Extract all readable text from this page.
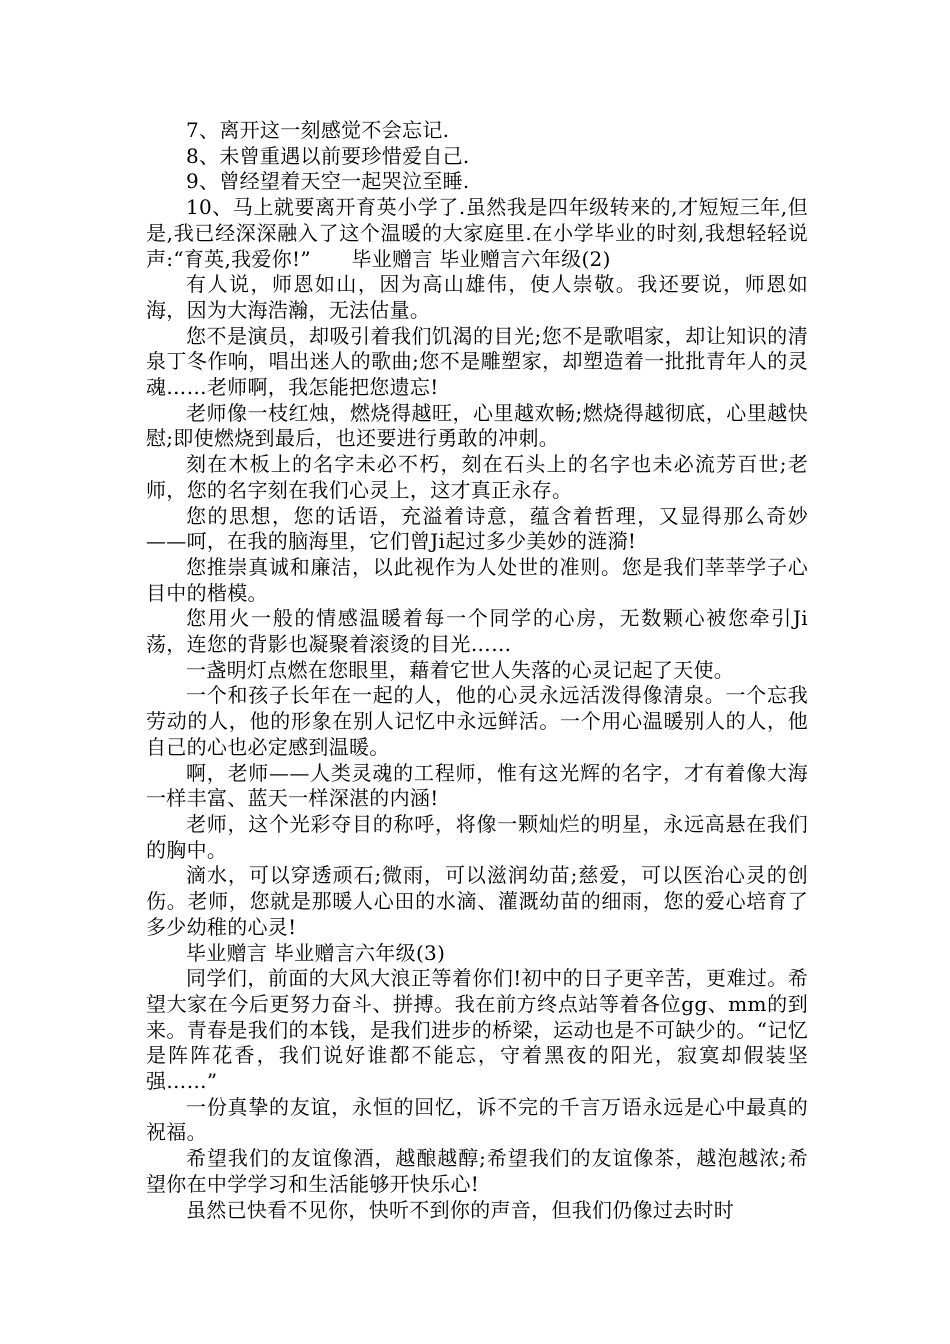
7、离开这一刻感觉不会忘记.

8、未曾重遇以前要珍惜爱自己.

9、曾经望着天空一起哭泣至睡.

10、马上就要离开育英小学了.虽然我是四年级转来的,才短短三年,但是,我已经深深融入了这个温暖的大家庭里.在小学毕业的时刻,我想轻轻说声:“育英,我爱你!”　　毕业赠言 毕业赠言六年级(2)

有人说，师恩如山，因为高山雄伟，使人崇敬。我还要说，师恩如海，因为大海浩瀚，无法估量。

您不是演员，却吸引着我们饥渴的目光;您不是歌唱家，却让知识的清泉丁冬作响，唱出迷人的歌曲;您不是雕塑家，却塑造着一批批青年人的灵魂……老师啊，我怎能把您遗忘!

老师像一枝红烛，燃烧得越旺，心里越欢畅;燃烧得越彻底，心里越快慰;即使燃烧到最后，也还要进行勇敢的冲刺。

刻在木板上的名字未必不朽，刻在石头上的名字也未必流芳百世;老师，您的名字刻在我们心灵上，这才真正永存。

您的思想，您的话语，充溢着诗意，蕴含着哲理，又显得那么奇妙——呵，在我的脑海里，它们曾Ji起过多少美妙的涟漪!

您推崇真诚和廉洁，以此视作为人处世的准则。您是我们莘莘学子心目中的楷模。

您用火一般的情感温暖着每一个同学的心房，无数颗心被您牵引Ji荡，连您的背影也凝聚着滚烫的目光……

一盏明灯点燃在您眼里，藉着它世人失落的心灵记起了天使。

一个和孩子长年在一起的人，他的心灵永远活泼得像清泉。一个忘我劳动的人，他的形象在别人记忆中永远鲜活。一个用心温暖别人的人，他自己的心也必定感到温暖。

啊，老师——人类灵魂的工程师，惟有这光辉的名字，才有着像大海一样丰富、蓝天一样深湛的内涵!

老师，这个光彩夺目的称呼，将像一颗灿烂的明星，永远高悬在我们的胸中。

滴水，可以穿透顽石;微雨，可以滋润幼苗;慈爱，可以医治心灵的创伤。老师，您就是那暖人心田的水滴、灌溉幼苗的细雨，您的爱心培育了多少幼稚的心灵!

毕业赠言 毕业赠言六年级(3)

同学们，前面的大风大浪正等着你们!初中的日子更辛苦，更难过。希望大家在今后更努力奋斗、拼搏。我在前方终点站等着各位gg、mm的到来。青春是我们的本钱，是我们进步的桥梁，运动也是不可缺少的。“记忆是阵阵花香，我们说好谁都不能忘，守着黑夜的阳光，寂寞却假装坚强……”

一份真挚的友谊，永恒的回忆，诉不完的千言万语永远是心中最真的祝福。

希望我们的友谊像酒，越酿越醇;希望我们的友谊像茶，越泡越浓;希望你在中学学习和生活能够开快乐心!

虽然已快看不见你，快听不到你的声音，但我们仍像过去时时
